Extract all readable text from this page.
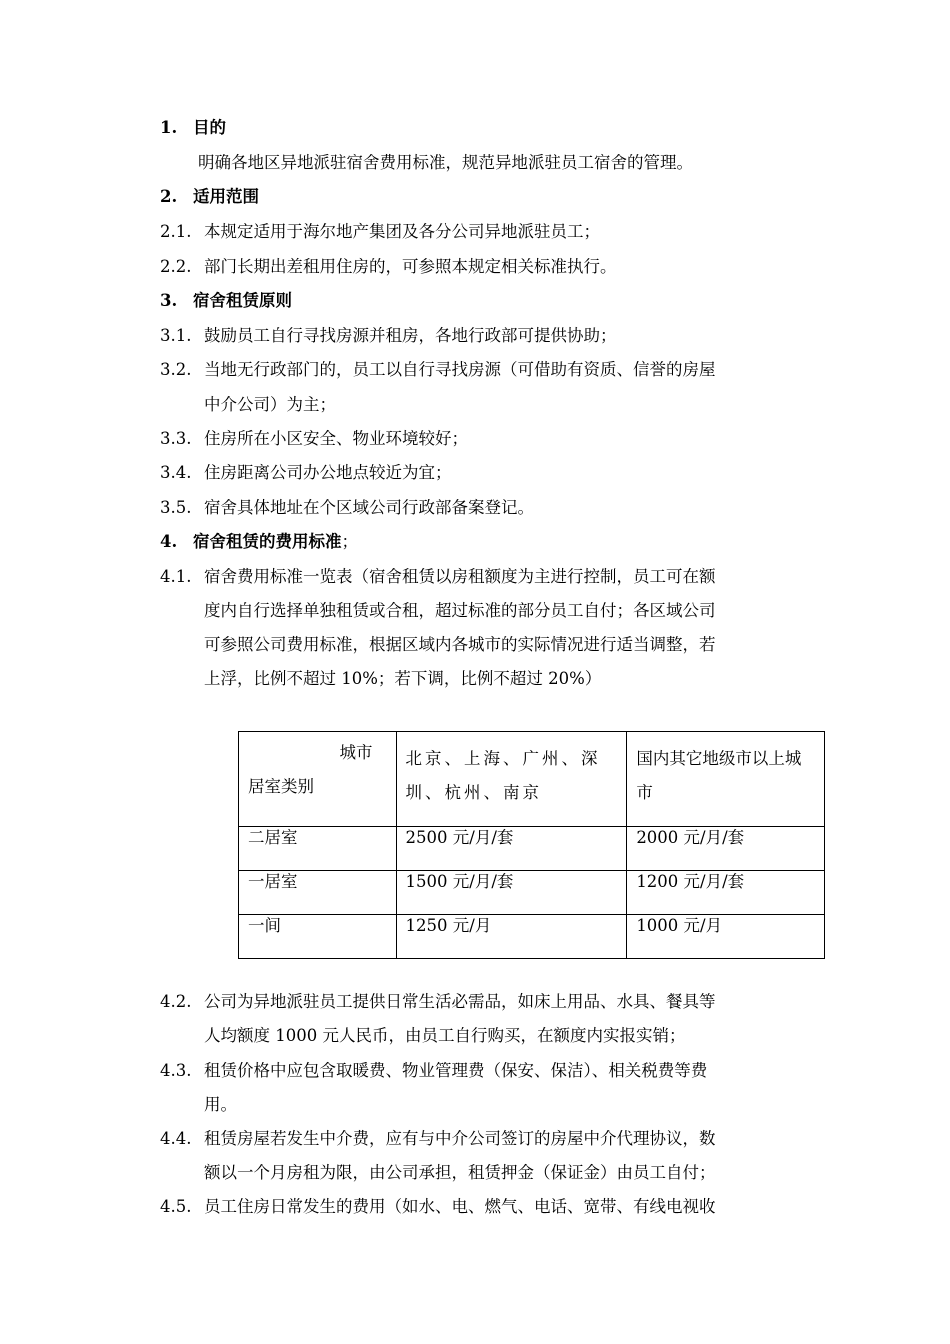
1. 目的
明确各地区异地派驻宿舍费用标准，规范异地派驻员工宿舍的管理。
2. 适用范围
2.1. 本规定适用于海尔地产集团及各分公司异地派驻员工；
2.2. 部门长期出差租用住房的，可参照本规定相关标准执行。
3. 宿舍租赁原则
3.1. 鼓励员工自行寻找房源并租房，各地行政部可提供协助；
3.2. 当地无行政部门的，员工以自行寻找房源（可借助有资质、信誉的房屋
中介公司）为主；
3.3. 住房所在小区安全、物业环境较好；
3.4. 住房距离公司办公地点较近为宜；
3.5. 宿舍具体地址在个区域公司行政部备案登记。
4. 宿舍租赁的费用标准；
4.1. 宿舍费用标准一览表（宿舍租赁以房租额度为主进行控制，员工可在额
度内自行选择单独租赁或合租，超过标准的部分员工自付；各区域公司
可参照公司费用标准，根据区域内各城市的实际情况进行适当调整，若
上浮，比例不超过 10%；若下调，比例不超过 20%）
城市
居室类别	北京、上海、广州、深圳、杭州、南京	国内其它地级市以上城市
二居室	2500 元/月/套	2000 元/月/套
一居室	1500 元/月/套	1200 元/月/套
一间	1250 元/月	1000 元/月
4.2. 公司为异地派驻员工提供日常生活必需品，如床上用品、水具、餐具等
人均额度 1000 元人民币，由员工自行购买，在额度内实报实销；
4.3. 租赁价格中应包含取暖费、物业管理费（保安、保洁）、相关税费等费
用。
4.4. 租赁房屋若发生中介费，应有与中介公司签订的房屋中介代理协议，数
额以一个月房租为限，由公司承担，租赁押金（保证金）由员工自付；
4.5. 员工住房日常发生的费用（如水、电、燃气、电话、宽带、有线电视收
